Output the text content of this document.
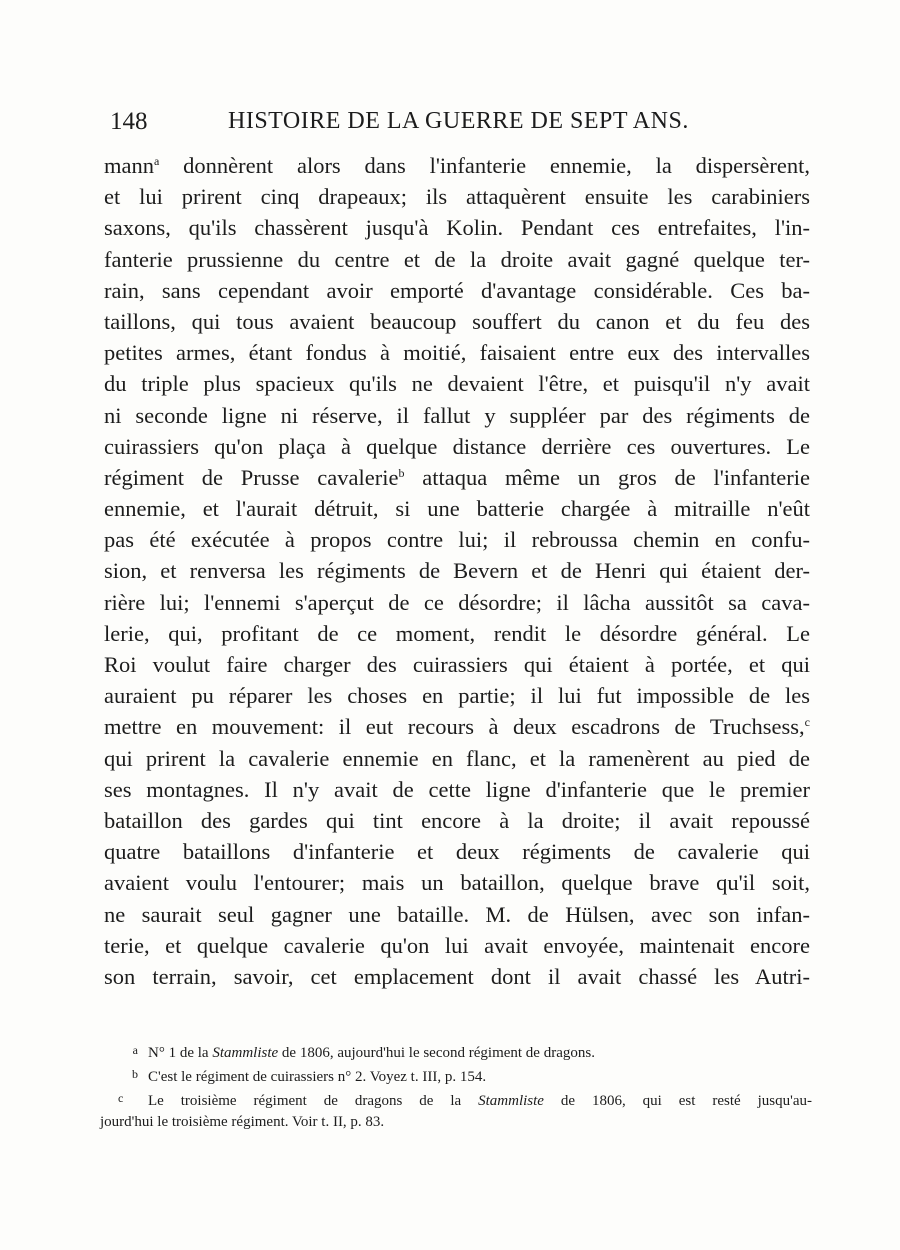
148	HISTOIRE DE LA GUERRE DE SEPT ANS.
mann$^a$ donnèrent alors dans l'infanterie ennemie, la dispersèrent,
et lui prirent cinq drapeaux; ils attaquèrent ensuite les carabiniers
saxons, qu'ils chassèrent jusqu'à Kolin. Pendant ces entrefaites, l'in-
fanterie prussienne du centre et de la droite avait gagné quelque ter-
rain, sans cependant avoir emporté d'avantage considérable. Ces ba-
taillons, qui tous avaient beaucoup souffert du canon et du feu des
petites armes, étant fondus à moitié, faisaient entre eux des intervalles
du triple plus spacieux qu'ils ne devaient l'être, et puisqu'il n'y avait
ni seconde ligne ni réserve, il fallut y suppléer par des régiments de
cuirassiers qu'on plaça à quelque distance derrière ces ouvertures. Le
régiment de Prusse cavalerie$^b$ attaqua même un gros de l'infanterie
ennemie, et l'aurait détruit, si une batterie chargée à mitraille n'eût
pas été exécutée à propos contre lui; il rebroussa chemin en confu-
sion, et renversa les régiments de Bevern et de Henri qui étaient der-
rière lui; l'ennemi s'aperçut de ce désordre; il lâcha aussitôt sa cava-
lerie, qui, profitant de ce moment, rendit le désordre général. Le
Roi voulut faire charger des cuirassiers qui étaient à portée, et qui
auraient pu réparer les choses en partie; il lui fut impossible de les
mettre en mouvement: il eut recours à deux escadrons de Truchsess,$^c$
qui prirent la cavalerie ennemie en flanc, et la ramenèrent au pied de
ses montagnes. Il n'y avait de cette ligne d'infanterie que le premier
bataillon des gardes qui tint encore à la droite; il avait repoussé
quatre bataillons d'infanterie et deux régiments de cavalerie qui
avaient voulu l'entourer; mais un bataillon, quelque brave qu'il soit,
ne saurait seul gagner une bataille. M. de Hülsen, avec son infan-
terie, et quelque cavalerie qu'on lui avait envoyée, maintenait encore
son terrain, savoir, cet emplacement dont il avait chassé les Autri-
a N° 1 de la Stammliste de 1806, aujourd'hui le second régiment de dragons.
b C'est le régiment de cuirassiers n° 2. Voyez t. III, p. 154.
c Le troisième régiment de dragons de la Stammliste de 1806, qui est resté jusqu'au-
jourd'hui le troisième régiment. Voir t. II, p. 83.
